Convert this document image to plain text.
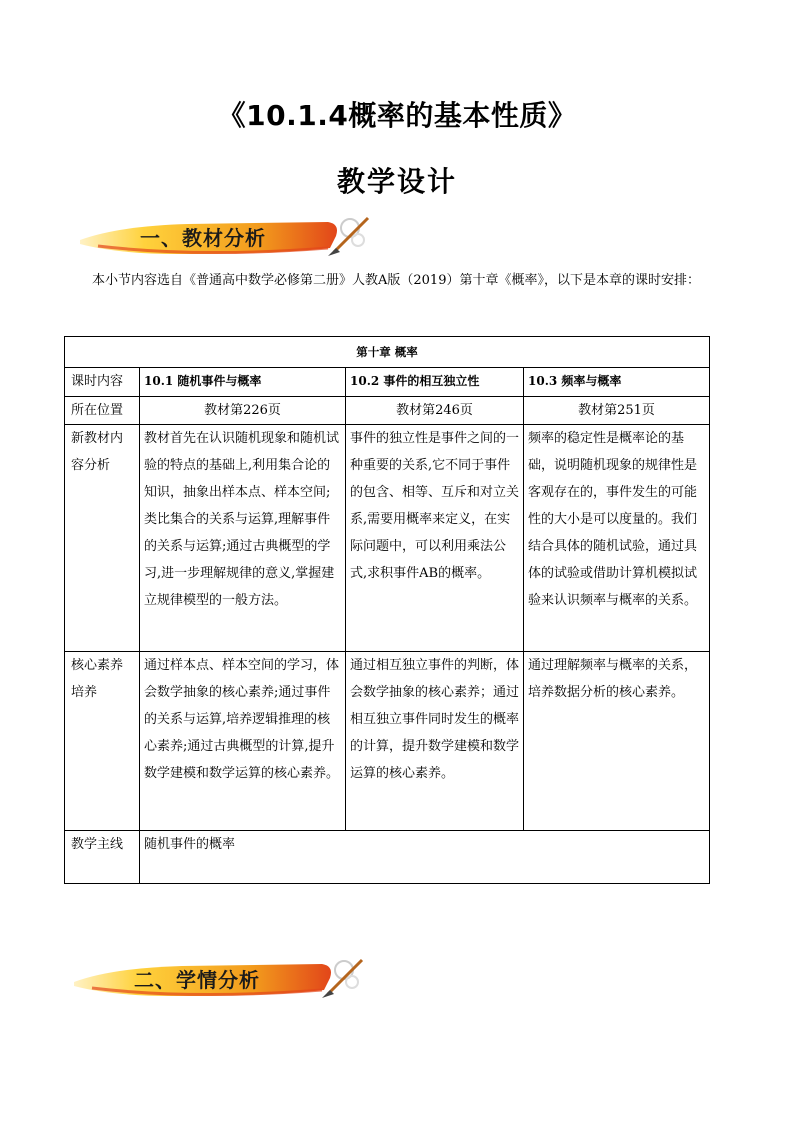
《10.1.4概率的基本性质》
教学设计
一、教材分析
本小节内容选自《普通高中数学必修第二册》人教A版（2019）第十章《概率》，以下是本章的课时安排：
第十章 概率			
课时内容	10.1 随机事件与概率	10.2 事件的相互独立性	10.3 频率与概率
所在位置	教材第226页	教材第246页	教材第251页
新教材内容分析	教材首先在认识随机现象和随机试验的特点的基础上,利用集合论的知识，抽象出样本点、样本空间;类比集合的关系与运算,理解事件的关系与运算;通过古典概型的学习,进一步理解规律的意义,掌握建立规律模型的一般方法。	事件的独立性是事件之间的一种重要的关系,它不同于事件的包含、相等、互斥和对立关系,需要用概率来定义，在实际问题中，可以利用乘法公式,求积事件AB的概率。	频率的稳定性是概率论的基础，说明随机现象的规律性是客观存在的，事件发生的可能性的大小是可以度量的。我们结合具体的随机试验，通过具体的试验或借助计算机模拟试验来认识频率与概率的关系。
核心素养培养	通过样本点、样本空间的学习，体会数学抽象的核心素养;通过事件的关系与运算,培养逻辑推理的核心素养;通过古典概型的计算,提升数学建模和数学运算的核心素养。	通过相互独立事件的判断，体会数学抽象的核心素养；通过相互独立事件同时发生的概率的计算，提升数学建模和数学运算的核心素养。	通过理解频率与概率的关系，培养数据分析的核心素养。
教学主线	随机事件的概率		
二、学情分析
